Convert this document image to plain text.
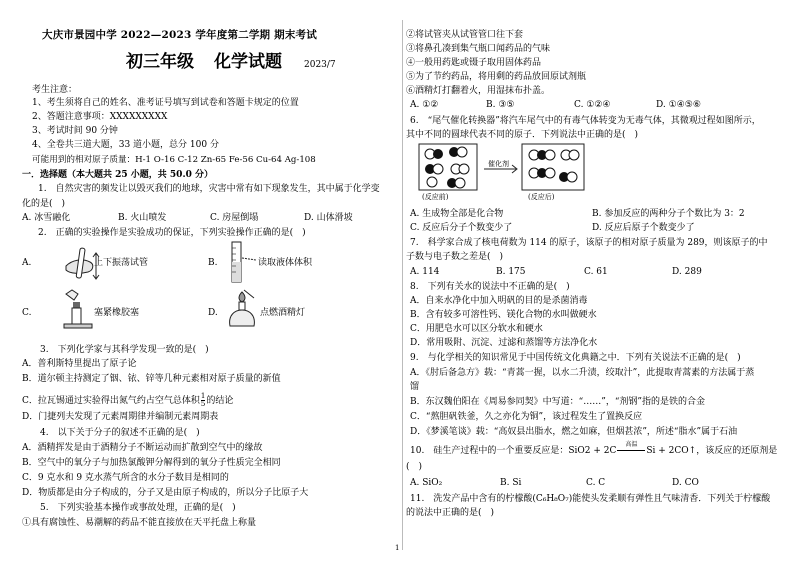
大庆市景园中学 2022—2023 学年度第二学期 期末考试
初三年级 化学试题 2023/7
考生注意：
1、考生须将自己的姓名、准考证号填写到试卷和答题卡规定的位置
2、答题注意事项：XXXXXXXXX
3、考试时间 90 分钟
4、全卷共三道大题，33 道小题，总分 100 分
可能用到的相对原子质量：H-1 O-16 C-12 Zn-65 Fe-56 Cu-64 Ag-108
一．选择题（本大题共 25 小题，共 50.0 分）
1.　自然灾害的频发让以毁灭我们的地球，灾害中常有如下现象发生，其中属于化学变
化的是(　)
A. 冰雪融化	B. 火山喷发	C. 房屋倒塌	D. 山体滑坡
2.　正确的实验操作是实验成功的保证，下列实验操作正确的是(　)
A.	上下振荡试管	B.	读取液体体积
C.	塞紧橡胶塞	D.	点燃酒精灯
3.　下列化学家与其科学发现一致的是(　)
A．普利斯特里提出了原子论
B．道尔顿主持测定了铟、铱、锌等几种元素相对原子质量的新值
C．拉瓦锡通过实验得出氮气约占空气总体积 $\frac{1}{5}$ 的结论
D．门捷列夫发现了元素周期律并编制元素周期表
4.　以下关于分子的叙述不正确的是(　)
A．酒精挥发是由于酒精分子不断运动而扩散到空气中的缘故
B．空气中的氧分子与加热氯酸钾分解得到的氧分子性质完全相同
C．9 克水和 9 克水蒸气所含的水分子数目是相同的
D．物质都是由分子构成的，分子又是由原子构成的，所以分子比原子大
5.　下列实验基本操作或事故处理，正确的是(　)
①具有腐蚀性、易潮解的药品不能直接放在天平托盘上称量
②将试管夹从试管管口往下套
③将鼻孔凑到集气瓶口闻药品的气味
④一般用药匙或镊子取用固体药品
⑤为了节约药品，将用剩的药品放回原试剂瓶
⑥酒精灯打翻着火，用湿抹布扑盖。
A. ①②	B. ③⑤	C. ①②④	D. ①④⑤⑥
6.　“尾气催化转换器”将汽车尾气中的有毒气体转变为无毒气体，其微观过程如图所示，
其中不同的圆球代表不同的原子．下列说法中正确的是(　)
催化剂
(反应前)	(反应后)
A. 生成物全部是化合物	B. 参加反应的两种分子个数比为 3：2
C. 反应后分子个数变少了	D. 反应后原子个数变少了
7.　科学家合成了核电荷数为 114 的原子，该原子的相对原子质量为 289，则该原子的中
子数与电子数之差是(　)
A. 114	B. 175	C. 61	D. 289
8.　下列有关水的说法中不正确的是(　)
A．自来水净化中加入明矾的目的是杀菌消毒
B．含有较多可溶性钙、镁化合物的水叫做硬水
C．用肥皂水可以区分软水和硬水
D．常用吸附、沉淀、过滤和蒸馏等方法净化水
9.　与化学相关的知识常见于中国传统文化典籍之中．下列有关说法不正确的是(　)
A．《肘后备急方》载：“青蒿一握，以水二升渍，绞取汁”，此提取青蒿素的方法属于蒸
馏
B．东汉魏伯阳在《周易参同契》中写道：“……”，“剂钢”指的是铁的合金
C．“熬胆矾铁釜，久之亦化为铜”，该过程发生了置换反应
D．《梦溪笔谈》载：“高奴县出脂水，燃之如麻，但烟甚浓”，所述“脂水”属于石油
10.　硅生产过程中的一个重要反应是：SiO2 + 2C
高温
Si + 2CO↑，该反应的还原剂是
(　)
A. SiO₂	B. Si	C. C	D. CO
11.　洗发产品中含有的柠檬酸(C₆H₈O₇)能使头发柔顺有弹性且气味清香．下列关于柠檬酸
的说法中正确的是(　)
1
